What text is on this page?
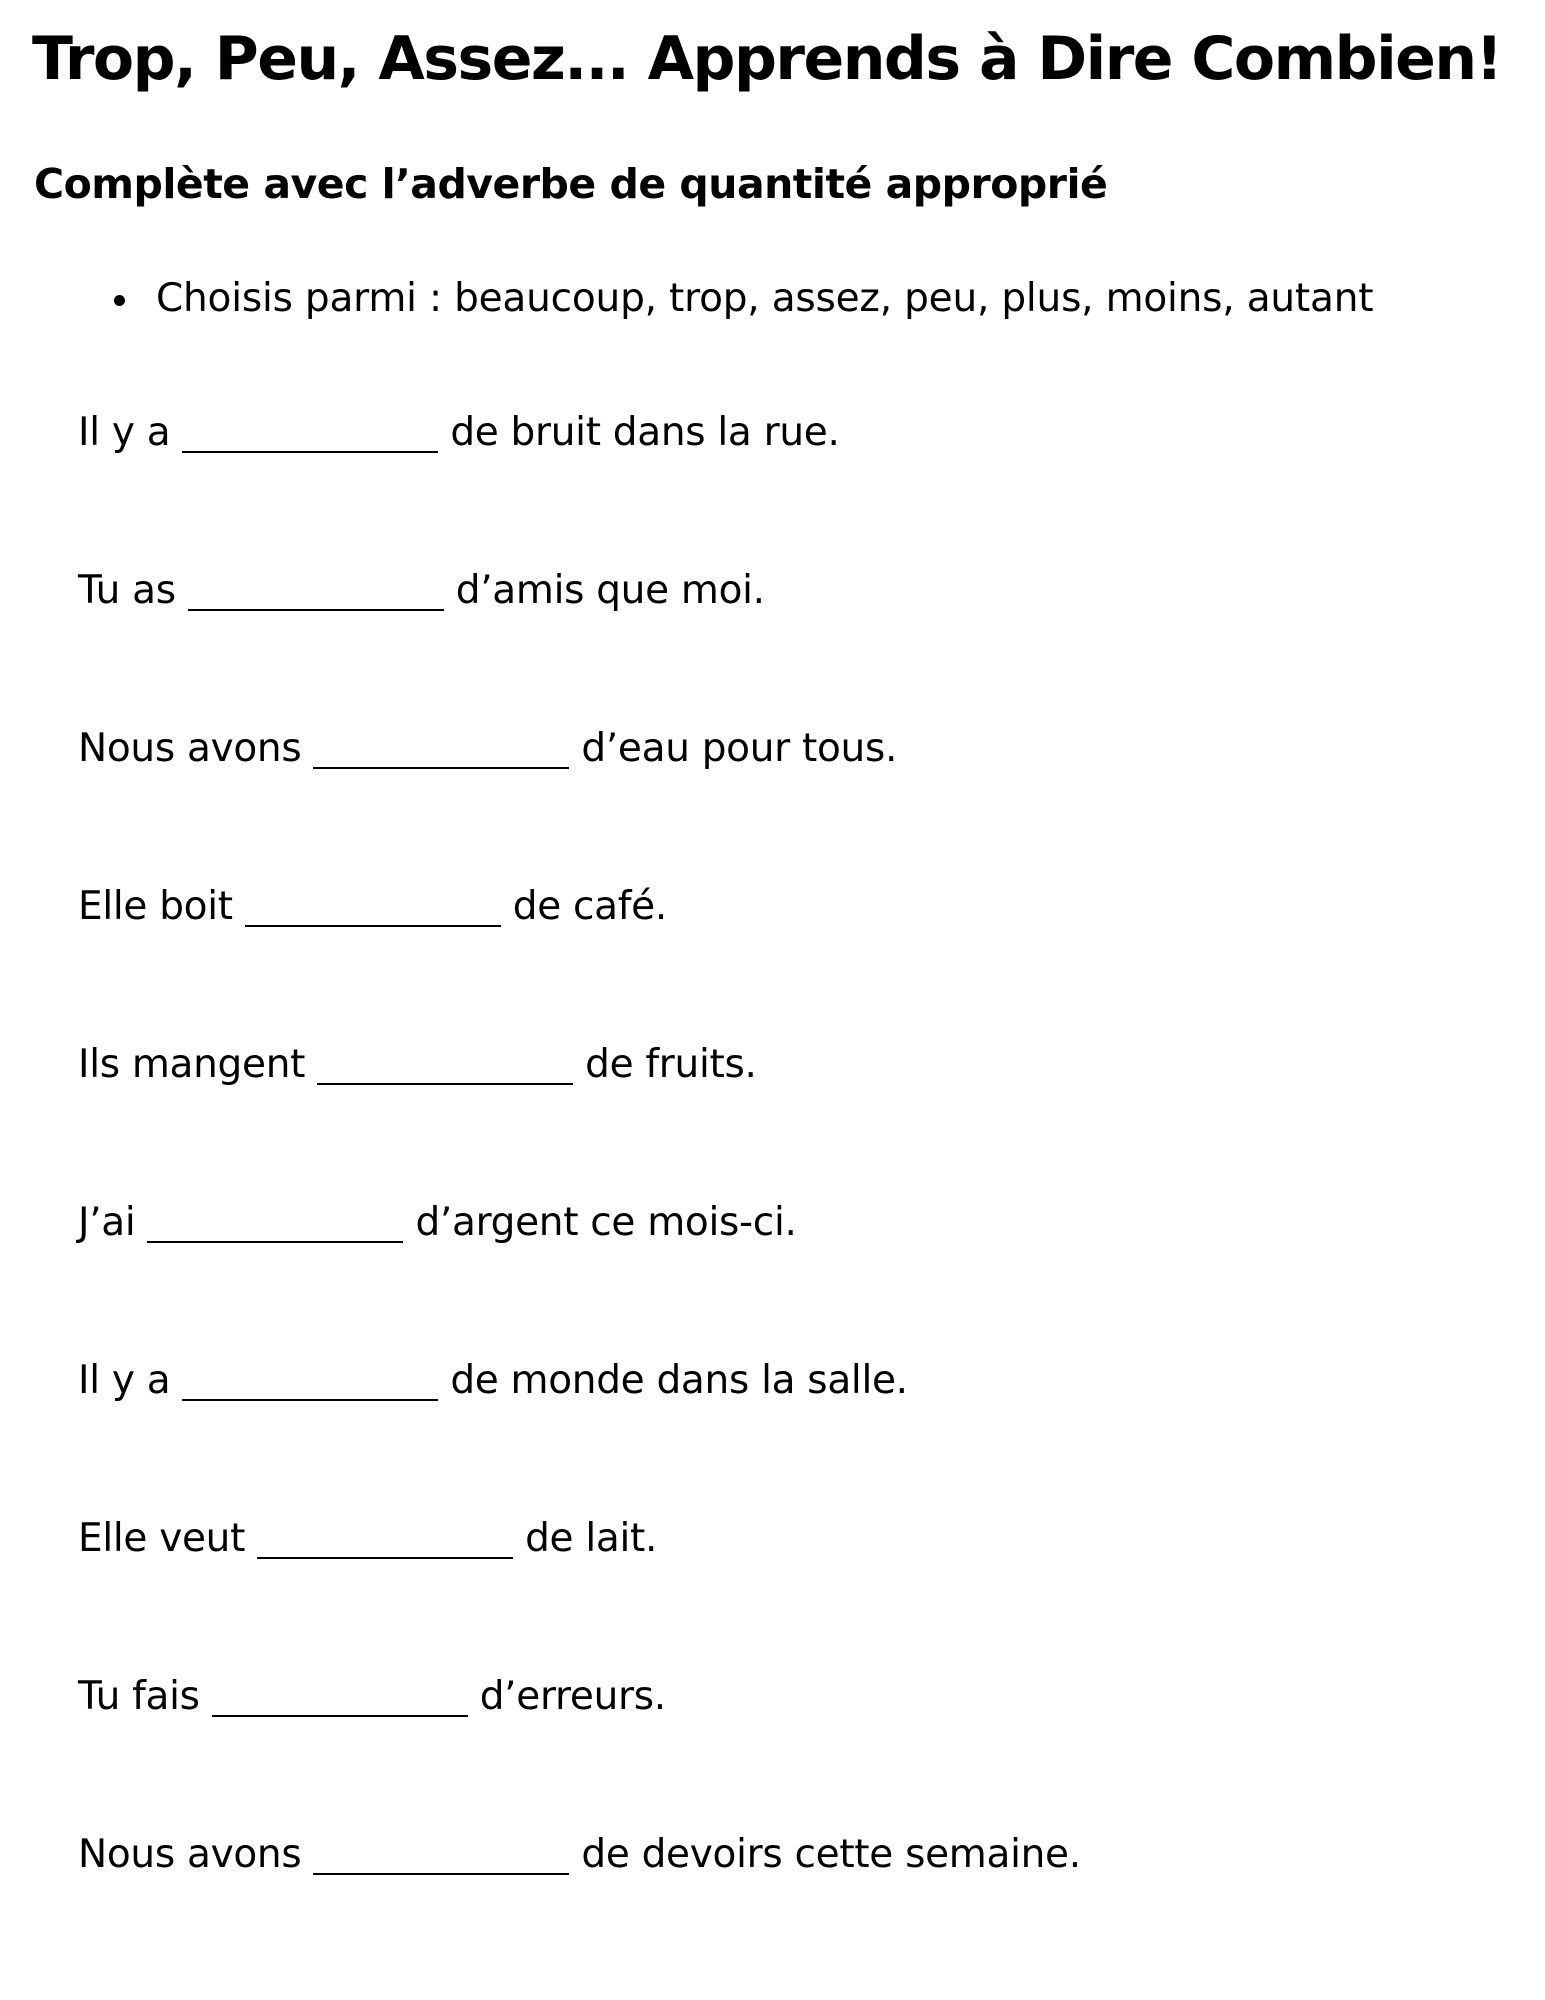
Trop, Peu, Assez... Apprends à Dire Combien!
Complète avec l’adverbe de quantité approprié
Choisis parmi : beaucoup, trop, assez, peu, plus, moins, autant
Il y a	de bruit dans la rue.
Tu as	d’amis que moi.
Nous avons	d’eau pour tous.
Elle boit	de café.
Ils mangent	de fruits.
J’ai	d’argent ce mois-ci.
Il y a	de monde dans la salle.
Elle veut	de lait.
Tu fais	d’erreurs.
Nous avons	de devoirs cette semaine.
